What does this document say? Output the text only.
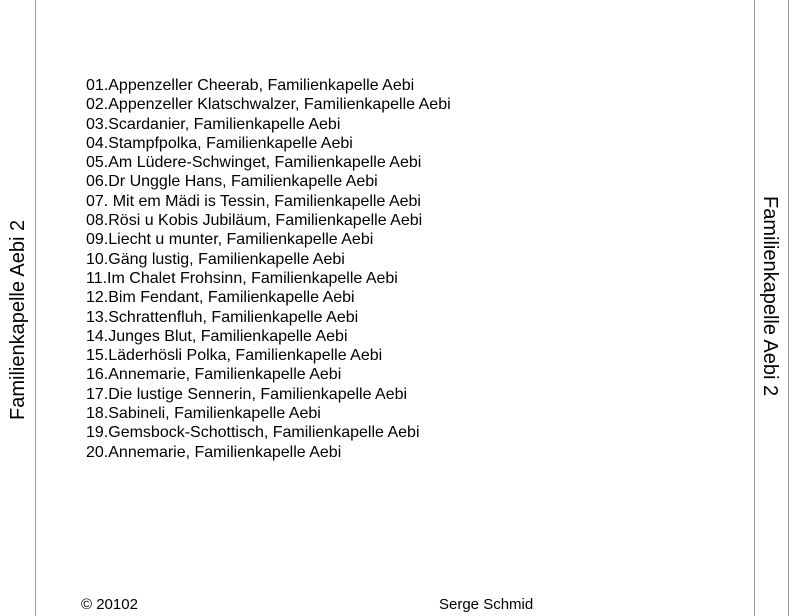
Familienkapelle Aebi 2	Familienkapelle Aebi 2
01.Appenzeller Cheerab, Familienkapelle Aebi
02.Appenzeller Klatschwalzer, Familienkapelle Aebi
03.Scardanier, Familienkapelle Aebi
04.Stampfpolka, Familienkapelle Aebi
05.Am Lüdere-Schwinget, Familienkapelle Aebi
06.Dr Unggle Hans, Familienkapelle Aebi
07. Mit em Mädi is Tessin, Familienkapelle Aebi
08.Rösi u Kobis Jubiläum, Familienkapelle Aebi
09.Liecht u munter, Familienkapelle Aebi
10.Gäng lustig, Familienkapelle Aebi
11.Im Chalet Frohsinn, Familienkapelle Aebi
12.Bim Fendant, Familienkapelle Aebi
13.Schrattenfluh, Familienkapelle Aebi
14.Junges Blut, Familienkapelle Aebi
15.Läderhösli Polka, Familienkapelle Aebi
16.Annemarie, Familienkapelle Aebi
17.Die lustige Sennerin, Familienkapelle Aebi
18.Sabineli, Familienkapelle Aebi
19.Gemsbock-Schottisch, Familienkapelle Aebi
20.Annemarie, Familienkapelle Aebi
© 20102	Serge Schmid
